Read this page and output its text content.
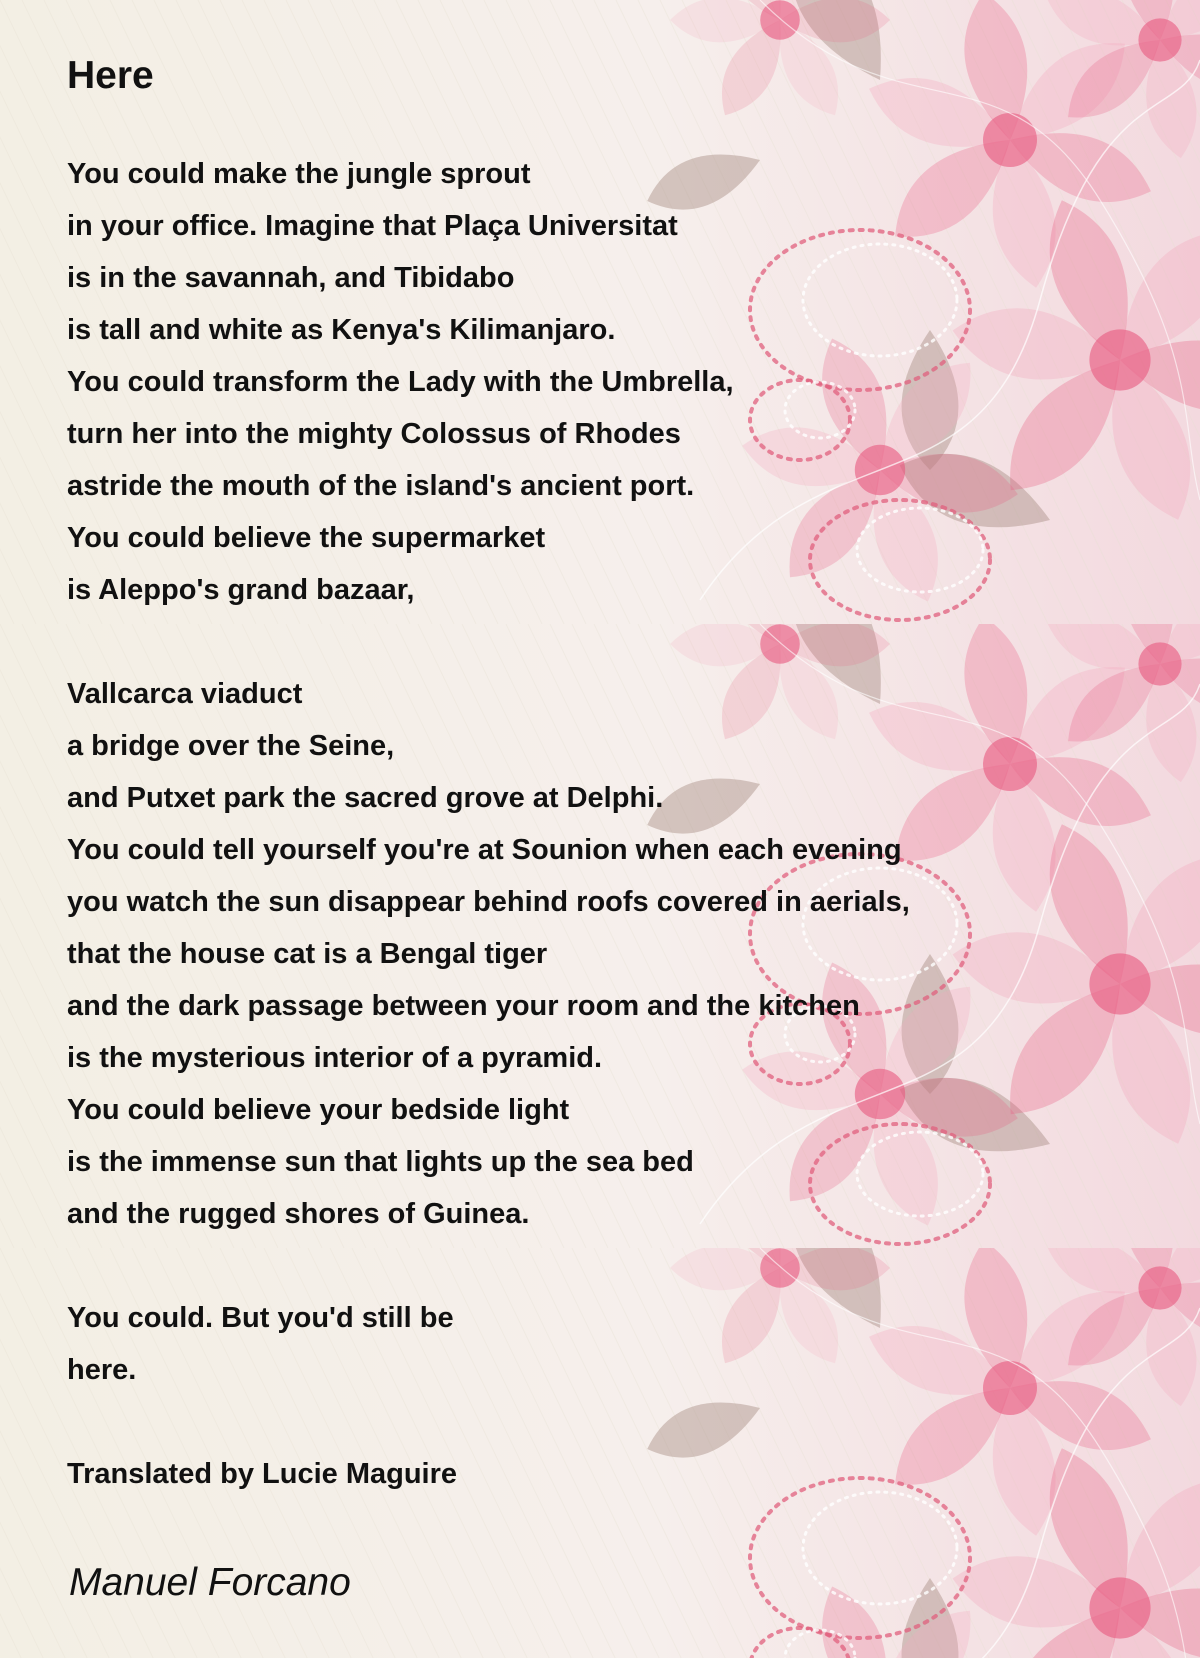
Here
You could make the jungle sprout
in your office. Imagine that Plaça Universitat
is in the savannah, and Tibidabo
is tall and white as Kenya's Kilimanjaro.
You could transform the Lady with the Umbrella,
turn her into the mighty Colossus of Rhodes
astride the mouth of the island's ancient port.
You could believe the supermarket
is Aleppo's grand bazaar,
Vallcarca viaduct
a bridge over the Seine,
and Putxet park the sacred grove at Delphi.
You could tell yourself you're at Sounion when each evening
you watch the sun disappear behind roofs covered in aerials,
that the house cat is a Bengal tiger
and the dark passage between your room and the kitchen
is the mysterious interior of a pyramid.
You could believe your bedside light
is the immense sun that lights up the sea bed
and the rugged shores of Guinea.
You could. But you'd still be
here.
Translated by Lucie Maguire
Manuel Forcano
